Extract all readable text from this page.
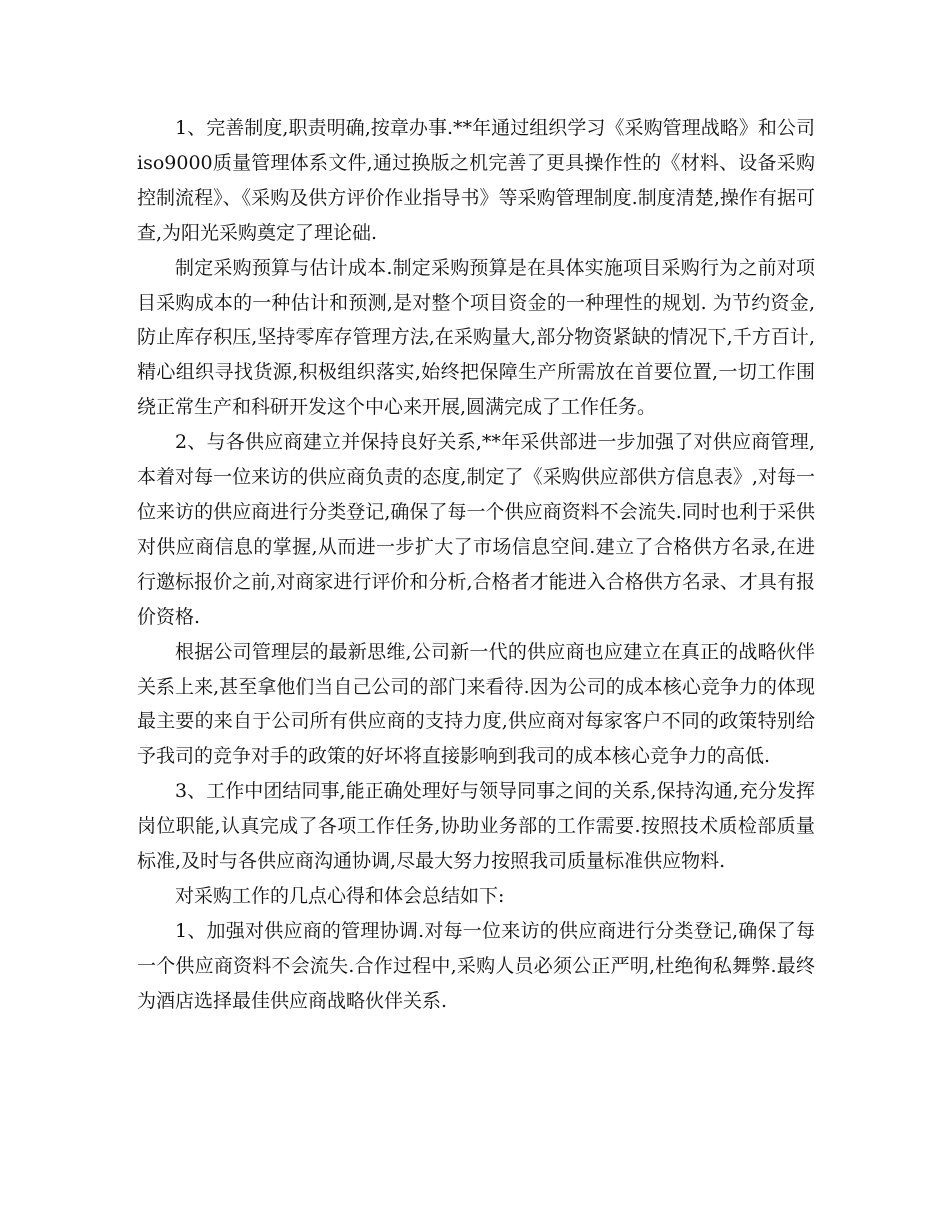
1、完善制度,职责明确,按章办事.**年通过组织学习《采购管理战略》和公司iso9000质量管理体系文件,通过换版之机完善了更具操作性的《材料、设备采购控制流程》、《采购及供方评价作业指导书》等采购管理制度.制度清楚,操作有据可查,为阳光采购奠定了理论础.

制定采购预算与估计成本.制定采购预算是在具体实施项目采购行为之前对项目采购成本的一种估计和预测,是对整个项目资金的一种理性的规划. 为节约资金,防止库存积压,坚持零库存管理方法,在采购量大,部分物资紧缺的情况下,千方百计,精心组织寻找货源,积极组织落实,始终把保障生产所需放在首要位置,一切工作围绕正常生产和科研开发这个中心来开展,圆满完成了工作任务。

2、与各供应商建立并保持良好关系,**年采供部进一步加强了对供应商管理,本着对每一位来访的供应商负责的态度,制定了《采购供应部供方信息表》,对每一位来访的供应商进行分类登记,确保了每一个供应商资料不会流失.同时也利于采供对供应商信息的掌握,从而进一步扩大了市场信息空间.建立了合格供方名录,在进行邀标报价之前,对商家进行评价和分析,合格者才能进入合格供方名录、才具有报价资格.

根据公司管理层的最新思维,公司新一代的供应商也应建立在真正的战略伙伴关系上来,甚至拿他们当自己公司的部门来看待.因为公司的成本核心竞争力的体现最主要的来自于公司所有供应商的支持力度,供应商对每家客户不同的政策特别给予我司的竞争对手的政策的好坏将直接影响到我司的成本核心竞争力的高低.

3、工作中团结同事,能正确处理好与领导同事之间的关系,保持沟通,充分发挥岗位职能,认真完成了各项工作任务,协助业务部的工作需要.按照技术质检部质量标准,及时与各供应商沟通协调,尽最大努力按照我司质量标准供应物料.

对采购工作的几点心得和体会总结如下:

1、加强对供应商的管理协调.对每一位来访的供应商进行分类登记,确保了每一个供应商资料不会流失.合作过程中,采购人员必须公正严明,杜绝徇私舞弊.最终为酒店选择最佳供应商战略伙伴关系.
